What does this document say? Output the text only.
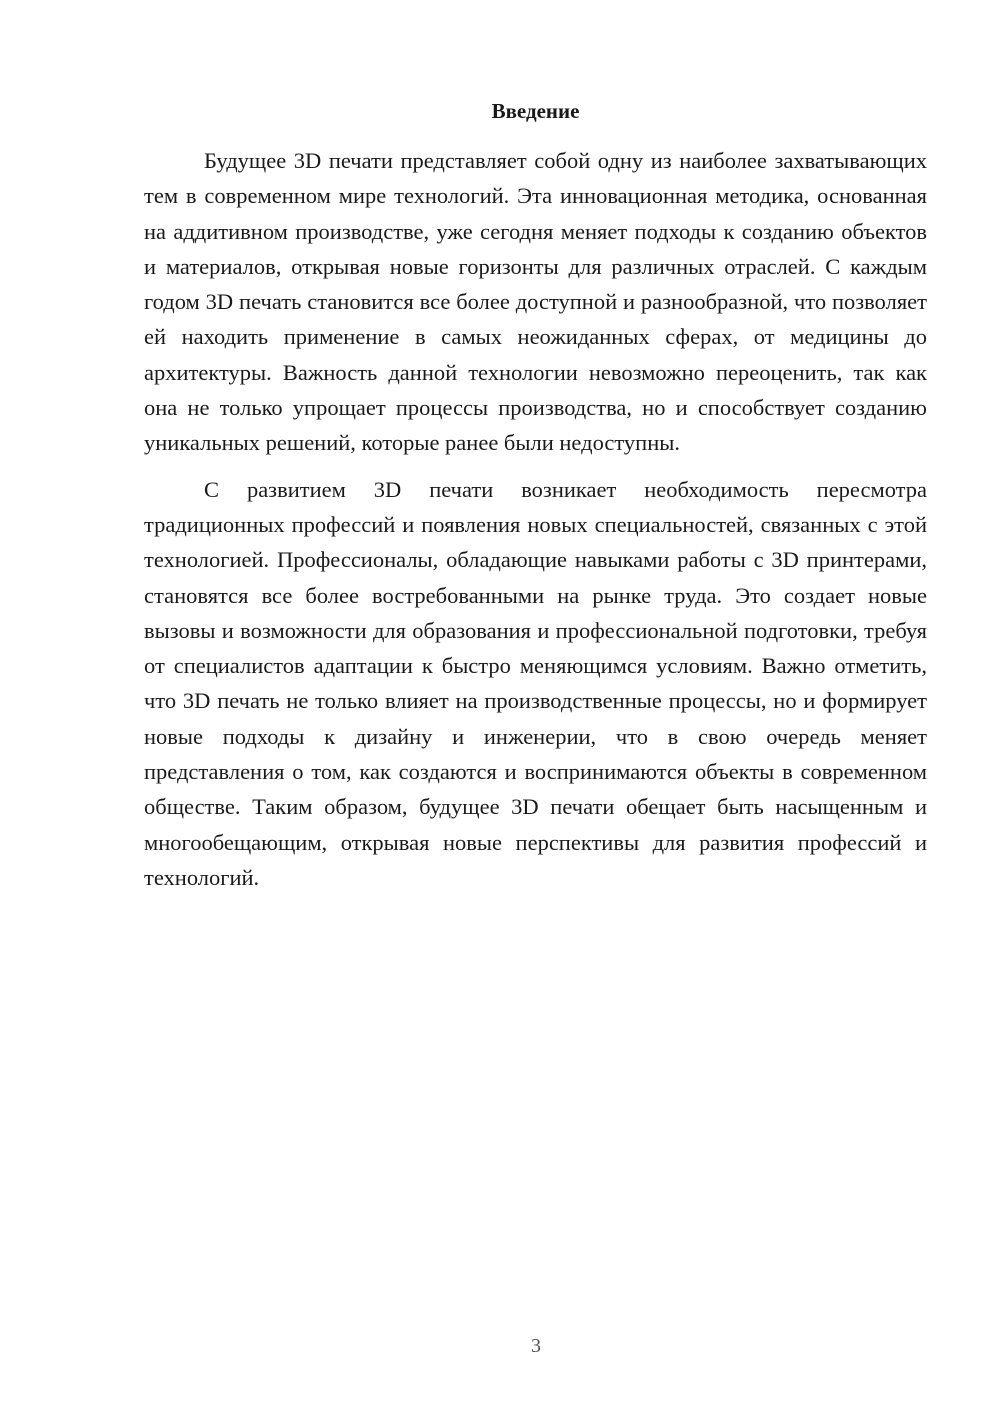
Введение

Будущее 3D печати представляет собой одну из наиболее захватывающих тем в современном мире технологий. Эта инновационная методика, основанная на аддитивном производстве, уже сегодня меняет подходы к созданию объектов и материалов, открывая новые горизонты для различных отраслей. С каждым годом 3D печать становится все более доступной и разнообразной, что позволяет ей находить применение в самых неожиданных сферах, от медицины до архитектуры. Важность данной технологии невозможно переоценить, так как она не только упрощает процессы производства, но и способствует созданию уникальных решений, которые ранее были недоступны.

С развитием 3D печати возникает необходимость пересмотра традиционных профессий и появления новых специальностей, связанных с этой технологией. Профессионалы, обладающие навыками работы с 3D принтерами, становятся все более востребованными на рынке труда. Это создает новые вызовы и возможности для образования и профессиональной подготовки, требуя от специалистов адаптации к быстро меняющимся условиям. Важно отметить, что 3D печать не только влияет на производственные процессы, но и формирует новые подходы к дизайну и инженерии, что в свою очередь меняет представления о том, как создаются и воспринимаются объекты в современном обществе. Таким образом, будущее 3D печати обещает быть насыщенным и многообещающим, открывая новые перспективы для развития профессий и технологий.

3
